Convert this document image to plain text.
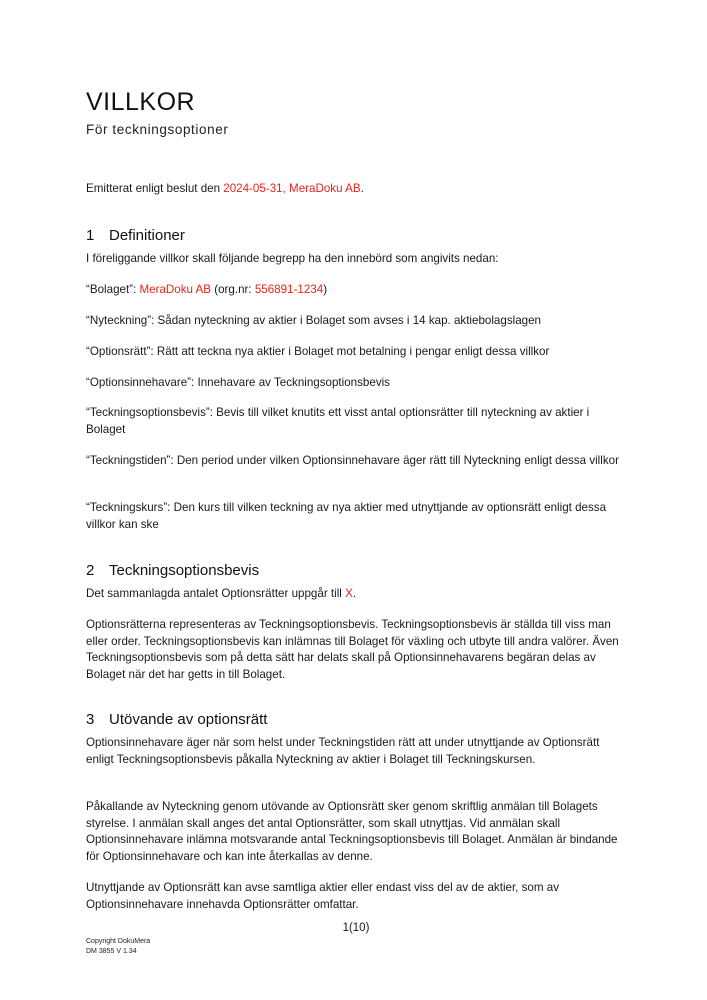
VILLKOR
För teckningsoptioner

Emitterat enligt beslut den 2024-05-31, MeraDoku AB.

1 Definitioner

I föreliggande villkor skall följande begrepp ha den innebörd som angivits nedan:

“Bolaget”: MeraDoku AB (org.nr: 556891-1234)

“Nyteckning”: Sådan nyteckning av aktier i Bolaget som avses i 14 kap. aktiebolagslagen

“Optionsrätt”: Rätt att teckna nya aktier i Bolaget mot betalning i pengar enligt dessa villkor

“Optionsinnehavare”: Innehavare av Teckningsoptionsbevis

“Teckningsoptionsbevis”: Bevis till vilket knutits ett visst antal optionsrätter till nyteckning av aktier i Bolaget

“Teckningstiden”: Den period under vilken Optionsinnehavare äger rätt till Nyteckning enligt dessa villkor

“Teckningskurs”: Den kurs till vilken teckning av nya aktier med utnyttjande av optionsrätt enligt dessa villkor kan ske

2 Teckningsoptionsbevis

Det sammanlagda antalet Optionsrätter uppgår till X.

Optionsrätterna representeras av Teckningsoptionsbevis. Teckningsoptionsbevis är ställda till viss man eller order. Teckningsoptionsbevis kan inlämnas till Bolaget för växling och utbyte till andra valörer. Även Teckningsoptionsbevis som på detta sätt har delats skall på Optionsinnehavarens begäran delas av Bolaget när det har getts in till Bolaget.

3 Utövande av optionsrätt

Optionsinnehavare äger när som helst under Teckningstiden rätt att under utnyttjande av Optionsrätt enligt Teckningsoptionsbevis påkalla Nyteckning av aktier i Bolaget till Teckningskursen.

Påkallande av Nyteckning genom utövande av Optionsrätt sker genom skriftlig anmälan till Bolagets styrelse. I anmälan skall anges det antal Optionsrätter, som skall utnyttjas. Vid anmälan skall Optionsinnehavare inlämna motsvarande antal Teckningsoptionsbevis till Bolaget. Anmälan är bindande för Optionsinnehavare och kan inte återkallas av denne.

Utnyttjande av Optionsrätt kan avse samtliga aktier eller endast viss del av de aktier, som av Optionsinnehavare innehavda Optionsrätter omfattar.

1(10)
Copyright DokuMera
DM 3855 V 1.34
